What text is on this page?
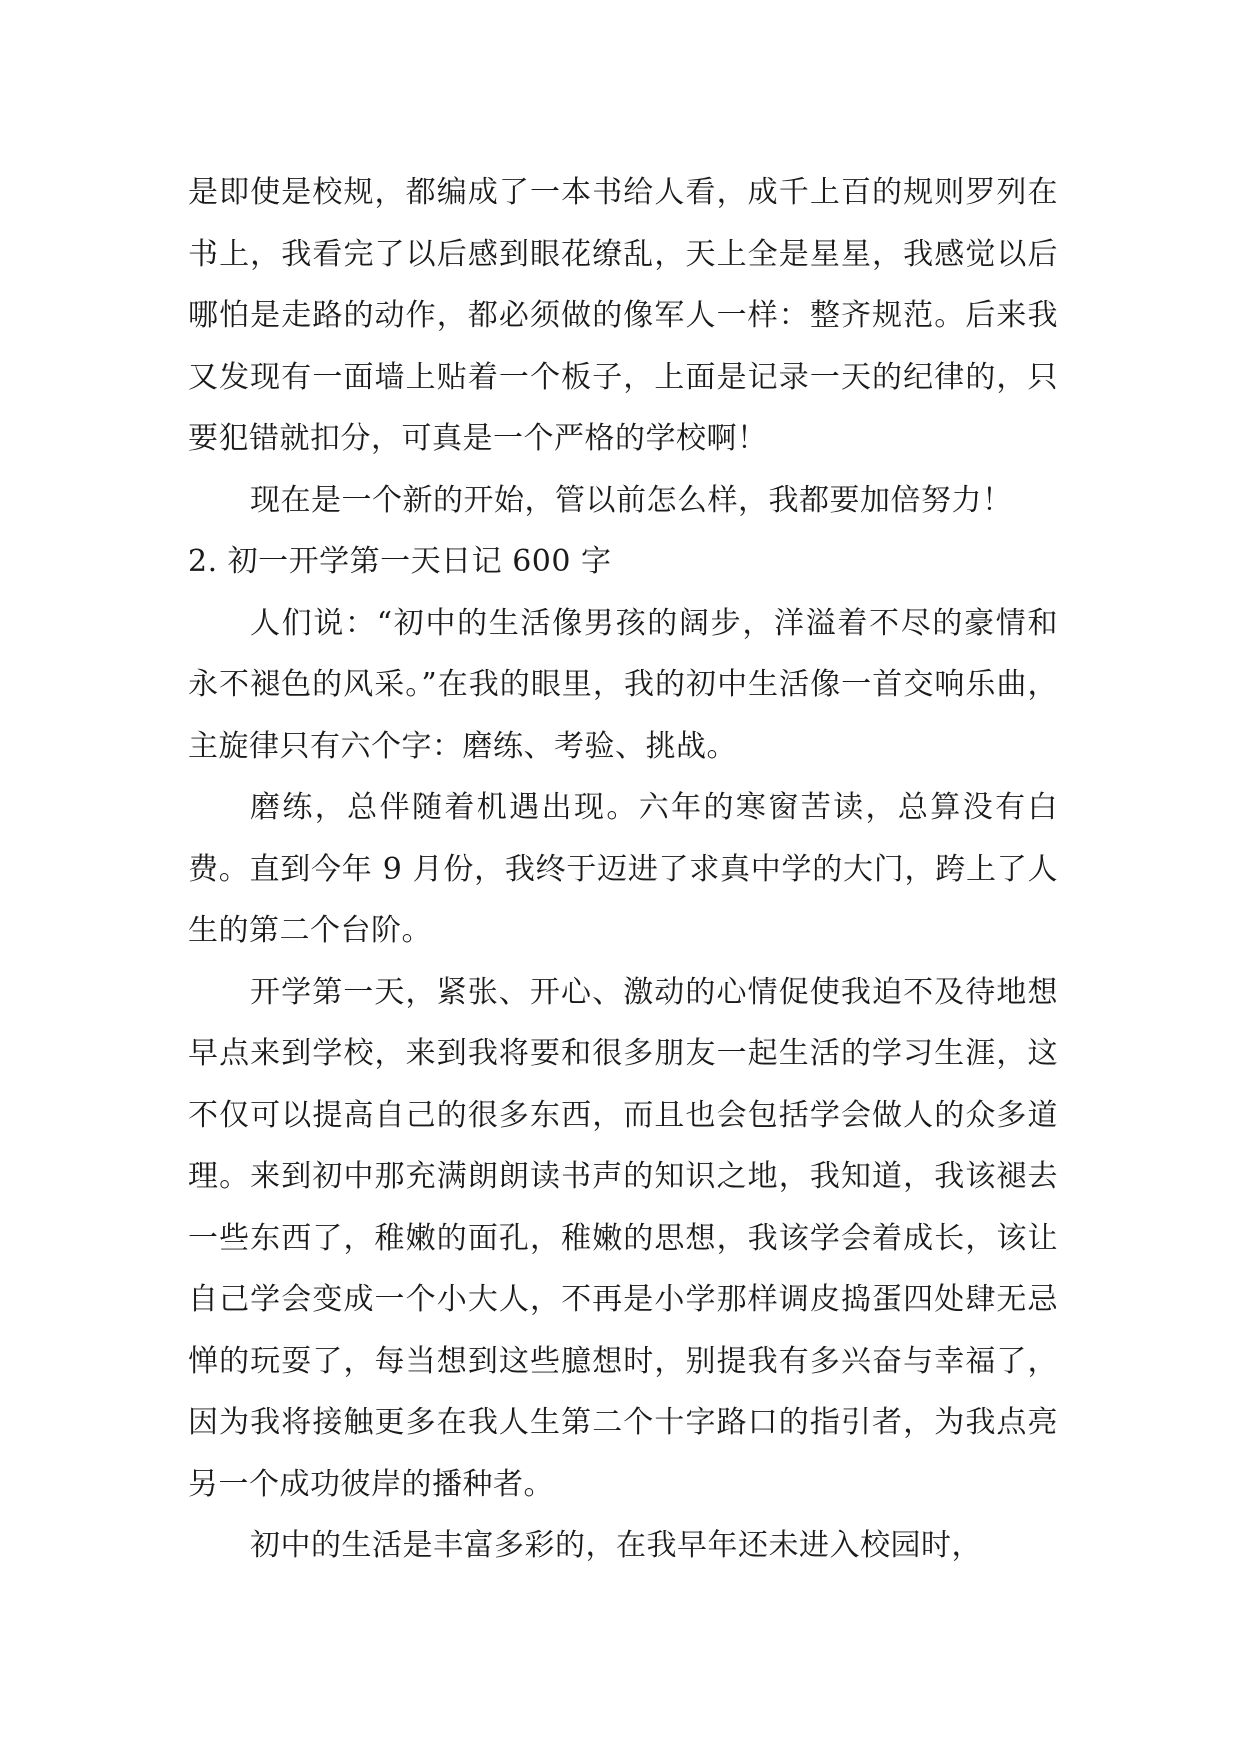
是即使是校规，都编成了一本书给人看，成千上百的规则罗列在书上，我看完了以后感到眼花缭乱，天上全是星星，我感觉以后哪怕是走路的动作，都必须做的像军人一样：整齐规范。后来我又发现有一面墙上贴着一个板子，上面是记录一天的纪律的，只要犯错就扣分，可真是一个严格的学校啊！

现在是一个新的开始，管以前怎么样，我都要加倍努力！

2. 初一开学第一天日记 600 字

人们说：“初中的生活像男孩的阔步，洋溢着不尽的豪情和永不褪色的风采。”在我的眼里，我的初中生活像一首交响乐曲，主旋律只有六个字：磨练、考验、挑战。

磨练，总伴随着机遇出现。六年的寒窗苦读，总算没有白费。直到今年 9 月份，我终于迈进了求真中学的大门，跨上了人生的第二个台阶。

开学第一天，紧张、开心、激动的心情促使我迫不及待地想早点来到学校，来到我将要和很多朋友一起生活的学习生涯，这不仅可以提高自己的很多东西，而且也会包括学会做人的众多道理。来到初中那充满朗朗读书声的知识之地，我知道，我该褪去一些东西了，稚嫩的面孔，稚嫩的思想，我该学会着成长，该让自己学会变成一个小大人，不再是小学那样调皮捣蛋四处肆无忌惮的玩耍了，每当想到这些臆想时，别提我有多兴奋与幸福了，因为我将接触更多在我人生第二个十字路口的指引者，为我点亮另一个成功彼岸的播种者。

初中的生活是丰富多彩的，在我早年还未进入校园时，
